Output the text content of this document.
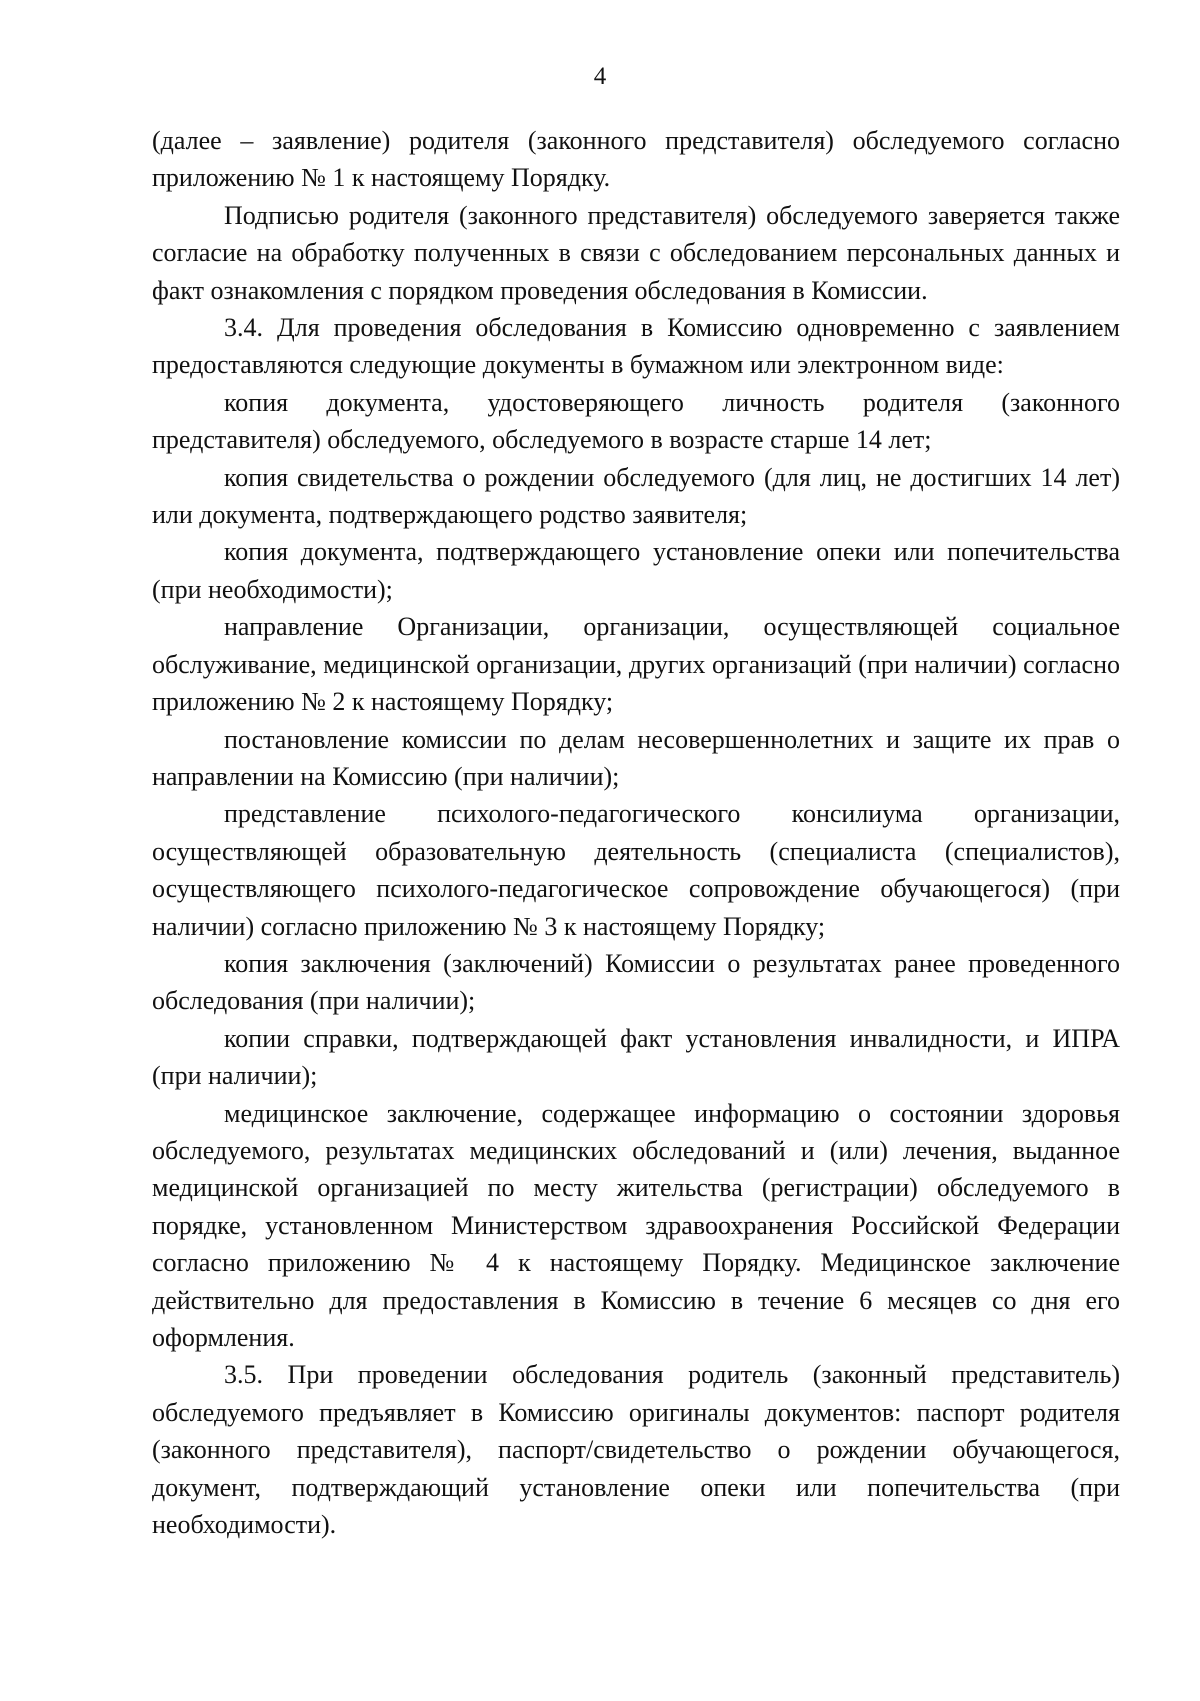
4

(далее – заявление) родителя (законного представителя) обследуемого согласно приложению № 1 к настоящему Порядку.

Подписью родителя (законного представителя) обследуемого заверяется также согласие на обработку полученных в связи с обследованием персональных данных и факт ознакомления с порядком проведения обследования в Комиссии.

3.4. Для проведения обследования в Комиссию одновременно с заявлением предоставляются следующие документы в бумажном или электронном виде:

копия документа, удостоверяющего личность родителя (законного представителя) обследуемого, обследуемого в возрасте старше 14 лет;

копия свидетельства о рождении обследуемого (для лиц, не достигших 14 лет) или документа, подтверждающего родство заявителя;

копия документа, подтверждающего установление опеки или попечительства (при необходимости);

направление Организации, организации, осуществляющей социальное обслуживание, медицинской организации, других организаций (при наличии) согласно приложению № 2 к настоящему Порядку;

постановление комиссии по делам несовершеннолетних и защите их прав о направлении на Комиссию (при наличии);

представление психолого-педагогического консилиума организации, осуществляющей образовательную деятельность (специалиста (специалистов), осуществляющего психолого-педагогическое сопровождение обучающегося) (при наличии) согласно приложению № 3 к настоящему Порядку;

копия заключения (заключений) Комиссии о результатах ранее проведенного обследования (при наличии);

копии справки, подтверждающей факт установления инвалидности, и ИПРА (при наличии);

медицинское заключение, содержащее информацию о состоянии здоровья обследуемого, результатах медицинских обследований и (или) лечения, выданное медицинской организацией по месту жительства (регистрации) обследуемого в порядке, установленном Министерством здравоохранения Российской Федерации согласно приложению № 4 к настоящему Порядку. Медицинское заключение действительно для предоставления в Комиссию в течение 6 месяцев со дня его оформления.

3.5. При проведении обследования родитель (законный представитель) обследуемого предъявляет в Комиссию оригиналы документов: паспорт родителя (законного представителя), паспорт/свидетельство о рождении обучающегося, документ, подтверждающий установление опеки или попечительства (при необходимости).
